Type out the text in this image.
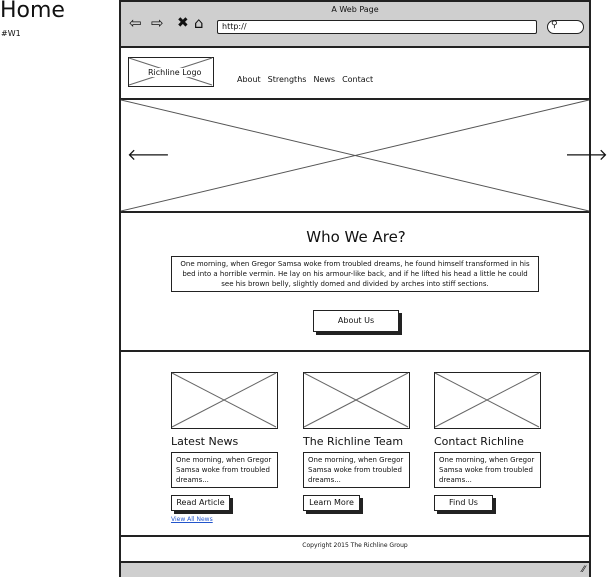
Home
#W1
A Web Page
⇦ ⇨ ✖ ⌂	http://	⚲
Richline Logo
About Strengths News Contact
🡐	🡒
Who We Are?
One morning, when Gregor Samsa woke from troubled dreams, he found himself transformed in his bed into a horrible vermin. He lay on his armour-like back, and if he lifted his head a little he could see his brown belly, slightly domed and divided by arches into stiff sections.
About Us
Latest News
One morning, when Gregor Samsa woke from troubled dreams...
Read Article
The Richline Team
One morning, when Gregor Samsa woke from troubled dreams...
Learn More
Contact Richline
One morning, when Gregor Samsa woke from troubled dreams...
Find Us
View All News
Copyright 2015 The Richline Group
⁄⁄
